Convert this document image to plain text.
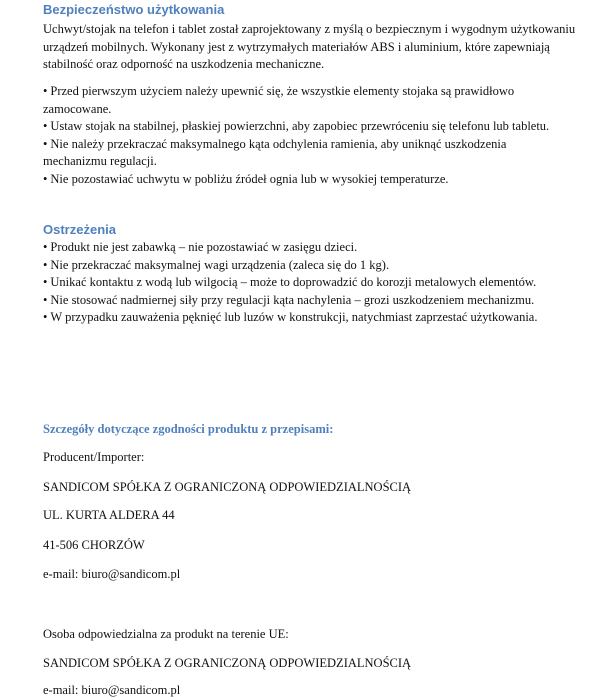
Bezpieczeństwo użytkowania

Uchwyt/stojak na telefon i tablet został zaprojektowany z myślą o bezpiecznym i wygodnym użytkowaniu urządzeń mobilnych. Wykonany jest z wytrzymałych materiałów ABS i aluminium, które zapewniają stabilność oraz odporność na uszkodzenia mechaniczne.

• Przed pierwszym użyciem należy upewnić się, że wszystkie elementy stojaka są prawidłowo zamocowane.
• Ustaw stojak na stabilnej, płaskiej powierzchni, aby zapobiec przewróceniu się telefonu lub tabletu.
• Nie należy przekraczać maksymalnego kąta odchylenia ramienia, aby uniknąć uszkodzenia mechanizmu regulacji.
• Nie pozostawiać uchwytu w pobliżu źródeł ognia lub w wysokiej temperaturze.
Ostrzeżenia
• Produkt nie jest zabawką – nie pozostawiać w zasięgu dzieci.
• Nie przekraczać maksymalnej wagi urządzenia (zaleca się do 1 kg).
• Unikać kontaktu z wodą lub wilgocią – może to doprowadzić do korozji metalowych elementów.
• Nie stosować nadmiernej siły przy regulacji kąta nachylenia – grozi uszkodzeniem mechanizmu.
• W przypadku zauważenia pęknięć lub luzów w konstrukcji, natychmiast zaprzestać użytkowania.
Szczegóły dotyczące zgodności produktu z przepisami:

Producent/Importer:

SANDICOM SPÓŁKA Z OGRANICZONĄ ODPOWIEDZIALNOŚCIĄ

UL. KURTA ALDERA 44

41-506 CHORZÓW

e-mail: biuro@sandicom.pl

Osoba odpowiedzialna za produkt na terenie UE:

SANDICOM SPÓŁKA Z OGRANICZONĄ ODPOWIEDZIALNOŚCIĄ

e-mail: biuro@sandicom.pl
